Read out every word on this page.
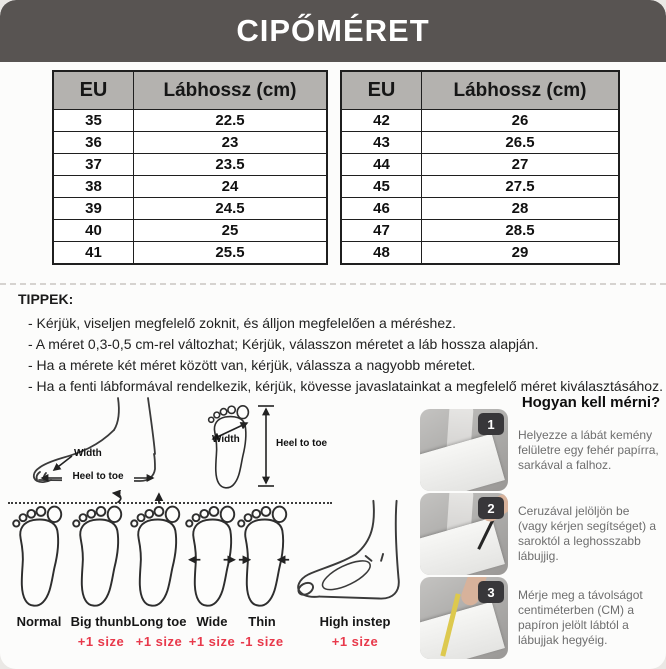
CIPŐMÉRET
EU	Lábhossz (cm)
35	22.5
36	23
37	23.5
38	24
39	24.5
40	25
41	25.5
EU	Lábhossz (cm)
42	26
43	26.5
44	27
45	27.5
46	28
47	28.5
48	29
TIPPEK:
- Kérjük, viseljen megfelelő zoknit, és álljon megfelelően a méréshez.
- A méret 0,3-0,5 cm-rel változhat; Kérjük, válasszon méretet a láb hossza alapján.
- Ha a mérete két méret között van, kérjük, válassza a nagyobb méretet.
- Ha a fenti lábformával rendelkezik, kérjük, kövesse javaslatainkat a megfelelő méret kiválasztásához.
Width
Heel to toe
Width	Heel to toe
Normal Big thunb
+1 size
Long toe
+1 size
Wide
+1 size
Thin
-1 size
High instep
+1 size
Hogyan kell mérni?
1
Helyezze a lábát kemény felületre egy fehér papírra, sarkával a falhoz.
2	Ceruzával jelöljön be (vagy kérjen segítséget) a saroktól a leghosszabb lábujjig.
3	Mérje meg a távolságot centiméterben (CM) a papíron jelölt lábtól a lábujjak hegyéig.
